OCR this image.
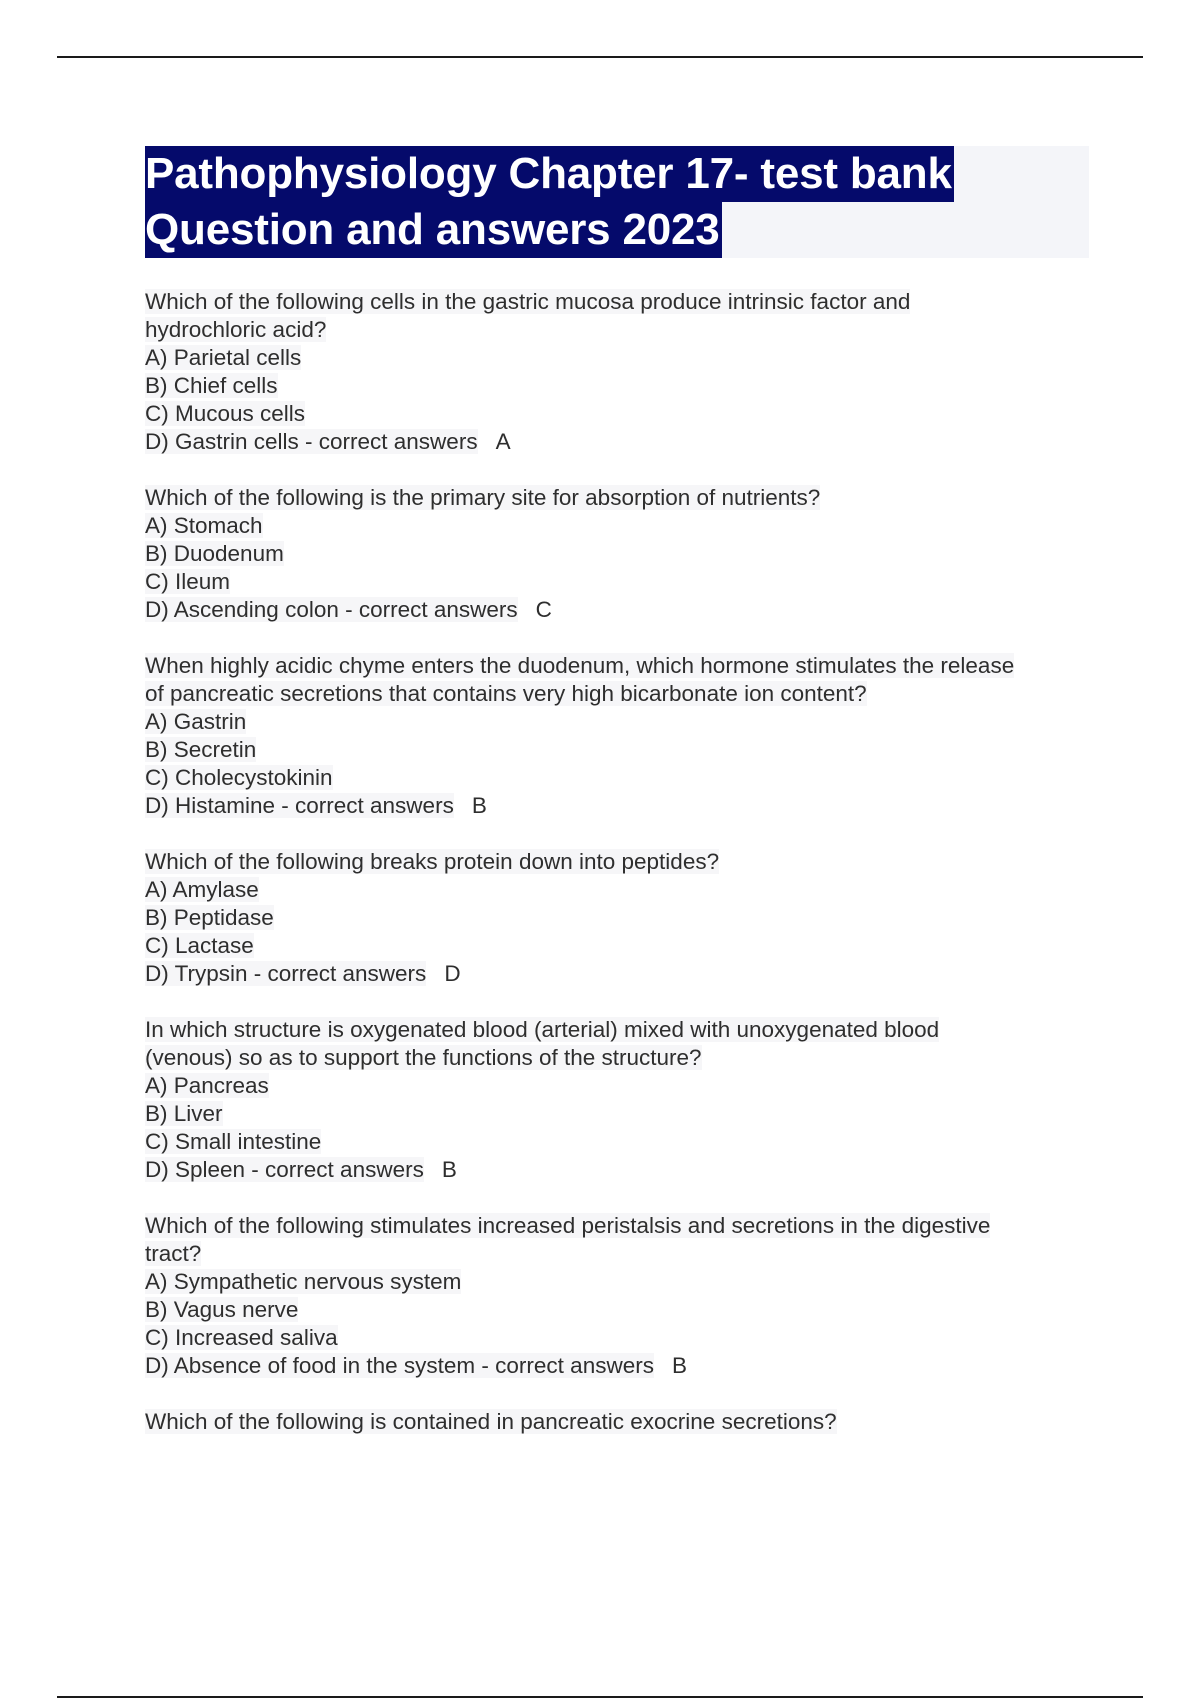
Pathophysiology Chapter 17- test bank
Question and answers 2023
Which of the following cells in the gastric mucosa produce intrinsic factor and
hydrochloric acid?
A) Parietal cells
B) Chief cells
C) Mucous cells
D) Gastrin cells - correct answers A
Which of the following is the primary site for absorption of nutrients?
A) Stomach
B) Duodenum
C) Ileum
D) Ascending colon - correct answers C
When highly acidic chyme enters the duodenum, which hormone stimulates the release
of pancreatic secretions that contains very high bicarbonate ion content?
A) Gastrin
B) Secretin
C) Cholecystokinin
D) Histamine - correct answers B
Which of the following breaks protein down into peptides?
A) Amylase
B) Peptidase
C) Lactase
D) Trypsin - correct answers D
In which structure is oxygenated blood (arterial) mixed with unoxygenated blood
(venous) so as to support the functions of the structure?
A) Pancreas
B) Liver
C) Small intestine
D) Spleen - correct answers B
Which of the following stimulates increased peristalsis and secretions in the digestive
tract?
A) Sympathetic nervous system
B) Vagus nerve
C) Increased saliva
D) Absence of food in the system - correct answers B
Which of the following is contained in pancreatic exocrine secretions?
